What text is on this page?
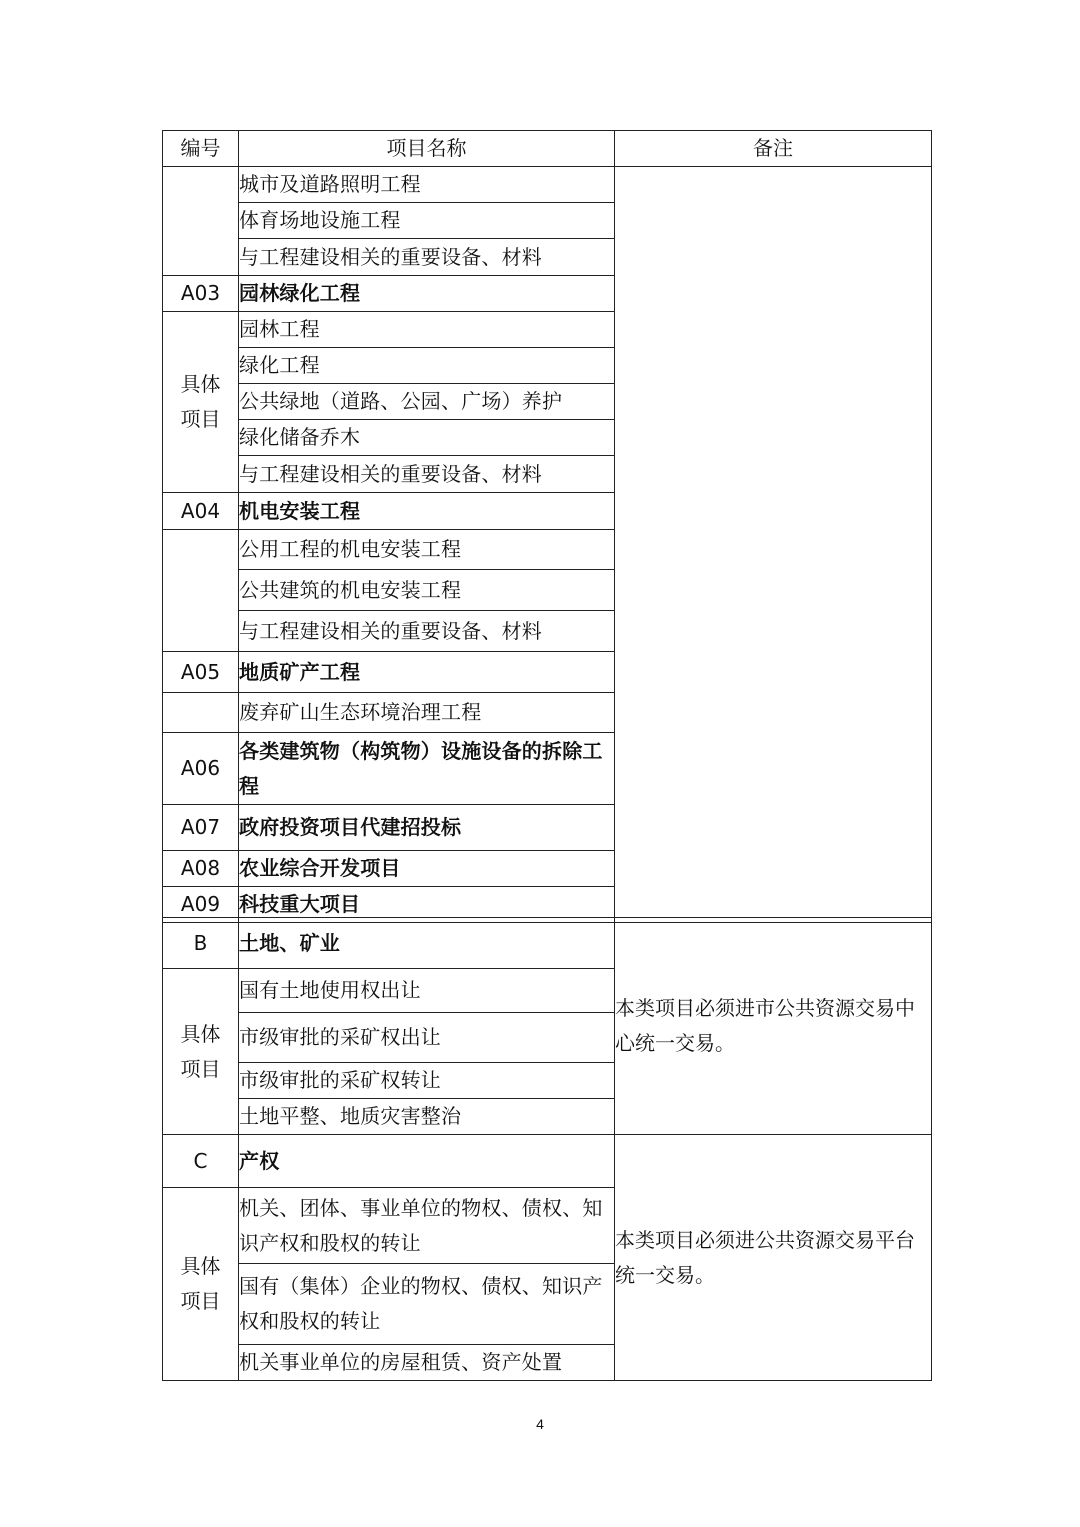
编号	项目名称	备注
	城市及道路照明工程	
	体育场地设施工程	
	与工程建设相关的重要设备、材料	
A03	园林绿化工程	
具体
项目	园林工程	
	绿化工程	
	公共绿地（道路、公园、广场）养护	
	绿化储备乔木	
	与工程建设相关的重要设备、材料	
A04	机电安装工程	
	公用工程的机电安装工程	
	公共建筑的机电安装工程	
	与工程建设相关的重要设备、材料	
A05	地质矿产工程	
	废弃矿山生态环境治理工程	
A06	各类建筑物（构筑物）设施设备的拆除工程	
A07	政府投资项目代建招投标	
A08	农业综合开发项目	
A09	科技重大项目	
B	土地、矿业	本类项目必须进市公共资源交易中心统一交易。
具体
项目	国有土地使用权出让	
	市级审批的采矿权出让	
	市级审批的采矿权转让	
	土地平整、地质灾害整治	
C	产权	本类项目必须进公共资源交易平台统一交易。
具体
项目	机关、团体、事业单位的物权、债权、知识产权和股权的转让	
	国有（集体）企业的物权、债权、知识产权和股权的转让	
	机关事业单位的房屋租赁、资产处置	
4
